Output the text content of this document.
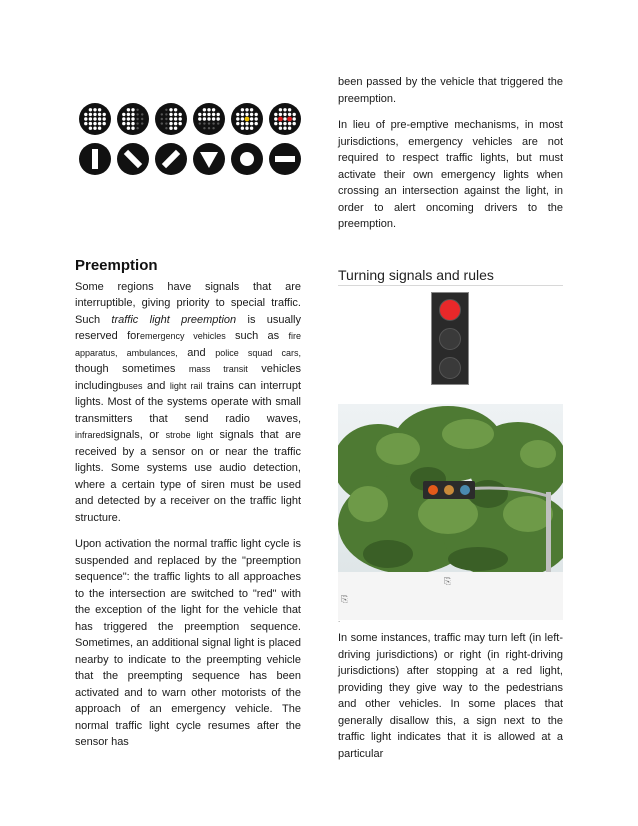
Preemption

Some regions have signals that are interruptible, giving priority to special traffic. Such traffic light preemption is usually reserved foremergency vehicles such as fire apparatus, ambulances, and police squad cars, though sometimes mass transit vehicles includingbuses and light rail trains can interrupt lights. Most of the systems operate with small transmitters that send radio waves, infraredsignals, or strobe light signals that are received by a sensor on or near the traffic lights. Some systems use audio detection, where a certain type of siren must be used and detected by a receiver on the traffic light structure.

Upon activation the normal traffic light cycle is suspended and replaced by the "preemption sequence": the traffic lights to all approaches to the intersection are switched to "red" with the exception of the light for the vehicle that has triggered the preemption sequence. Sometimes, an additional signal light is placed nearby to indicate to the preempting vehicle that the preempting sequence has been activated and to warn other motorists of the approach of an emergency vehicle. The normal traffic light cycle resumes after the sensor has

been passed by the vehicle that triggered the preemption.

In lieu of pre-emptive mechanisms, in most jurisdictions, emergency vehicles are not required to respect traffic lights, but must activate their own emergency lights when crossing an intersection against the light, in order to alert oncoming drivers to the preemption.

Turning signals and rules
⎘
⎘
.

In some instances, traffic may turn left (in left-driving jurisdictions) or right (in right-driving jurisdictions) after stopping at a red light, providing they give way to the pedestrians and other vehicles. In some places that generally disallow this, a sign next to the traffic light indicates that it is allowed at a particular
